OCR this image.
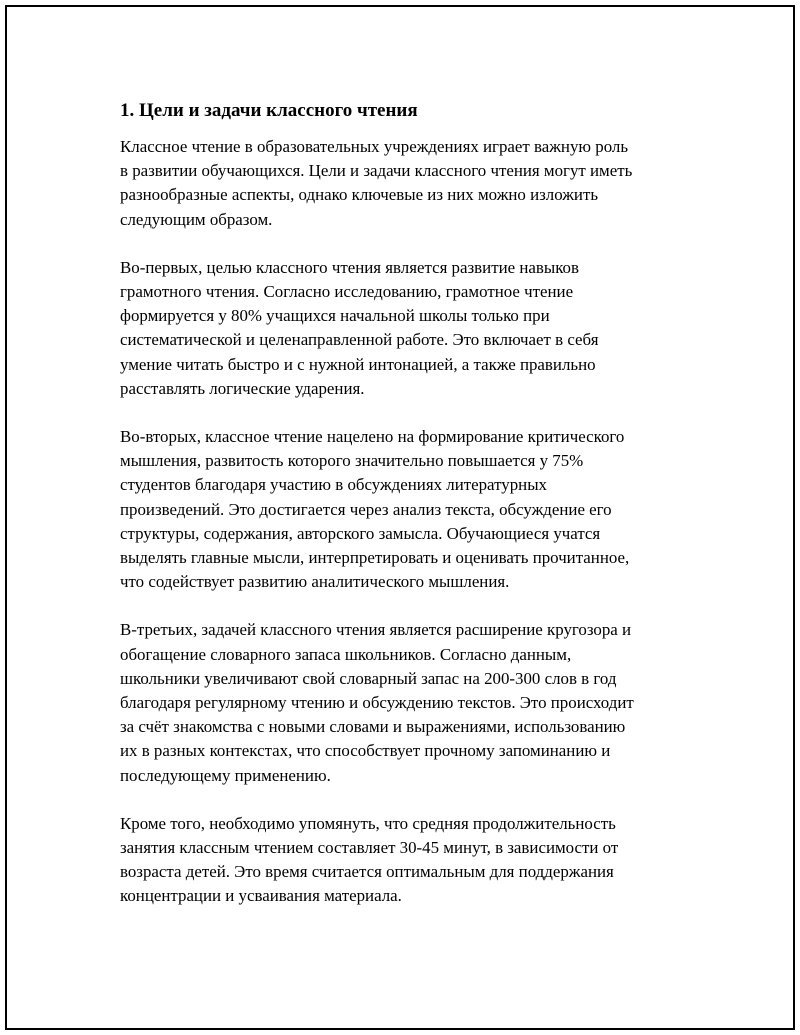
1. Цели и задачи классного чтения

Классное чтение в образовательных учреждениях играет важную роль
в развитии обучающихся. Цели и задачи классного чтения могут иметь
разнообразные аспекты, однако ключевые из них можно изложить
следующим образом.

Во-первых, целью классного чтения является развитие навыков
грамотного чтения. Согласно исследованию, грамотное чтение
формируется у 80% учащихся начальной школы только при
систематической и целенаправленной работе. Это включает в себя
умение читать быстро и с нужной интонацией, а также правильно
расставлять логические ударения.

Во-вторых, классное чтение нацелено на формирование критического
мышления, развитость которого значительно повышается у 75%
студентов благодаря участию в обсуждениях литературных
произведений. Это достигается через анализ текста, обсуждение его
структуры, содержания, авторского замысла. Обучающиеся учатся
выделять главные мысли, интерпретировать и оценивать прочитанное,
что содействует развитию аналитического мышления.

В-третьих, задачей классного чтения является расширение кругозора и
обогащение словарного запаса школьников. Согласно данным,
школьники увеличивают свой словарный запас на 200-300 слов в год
благодаря регулярному чтению и обсуждению текстов. Это происходит
за счёт знакомства с новыми словами и выражениями, использованию
их в разных контекстах, что способствует прочному запоминанию и
последующему применению.

Кроме того, необходимо упомянуть, что средняя продолжительность
занятия классным чтением составляет 30-45 минут, в зависимости от
возраста детей. Это время считается оптимальным для поддержания
концентрации и усваивания материала.
